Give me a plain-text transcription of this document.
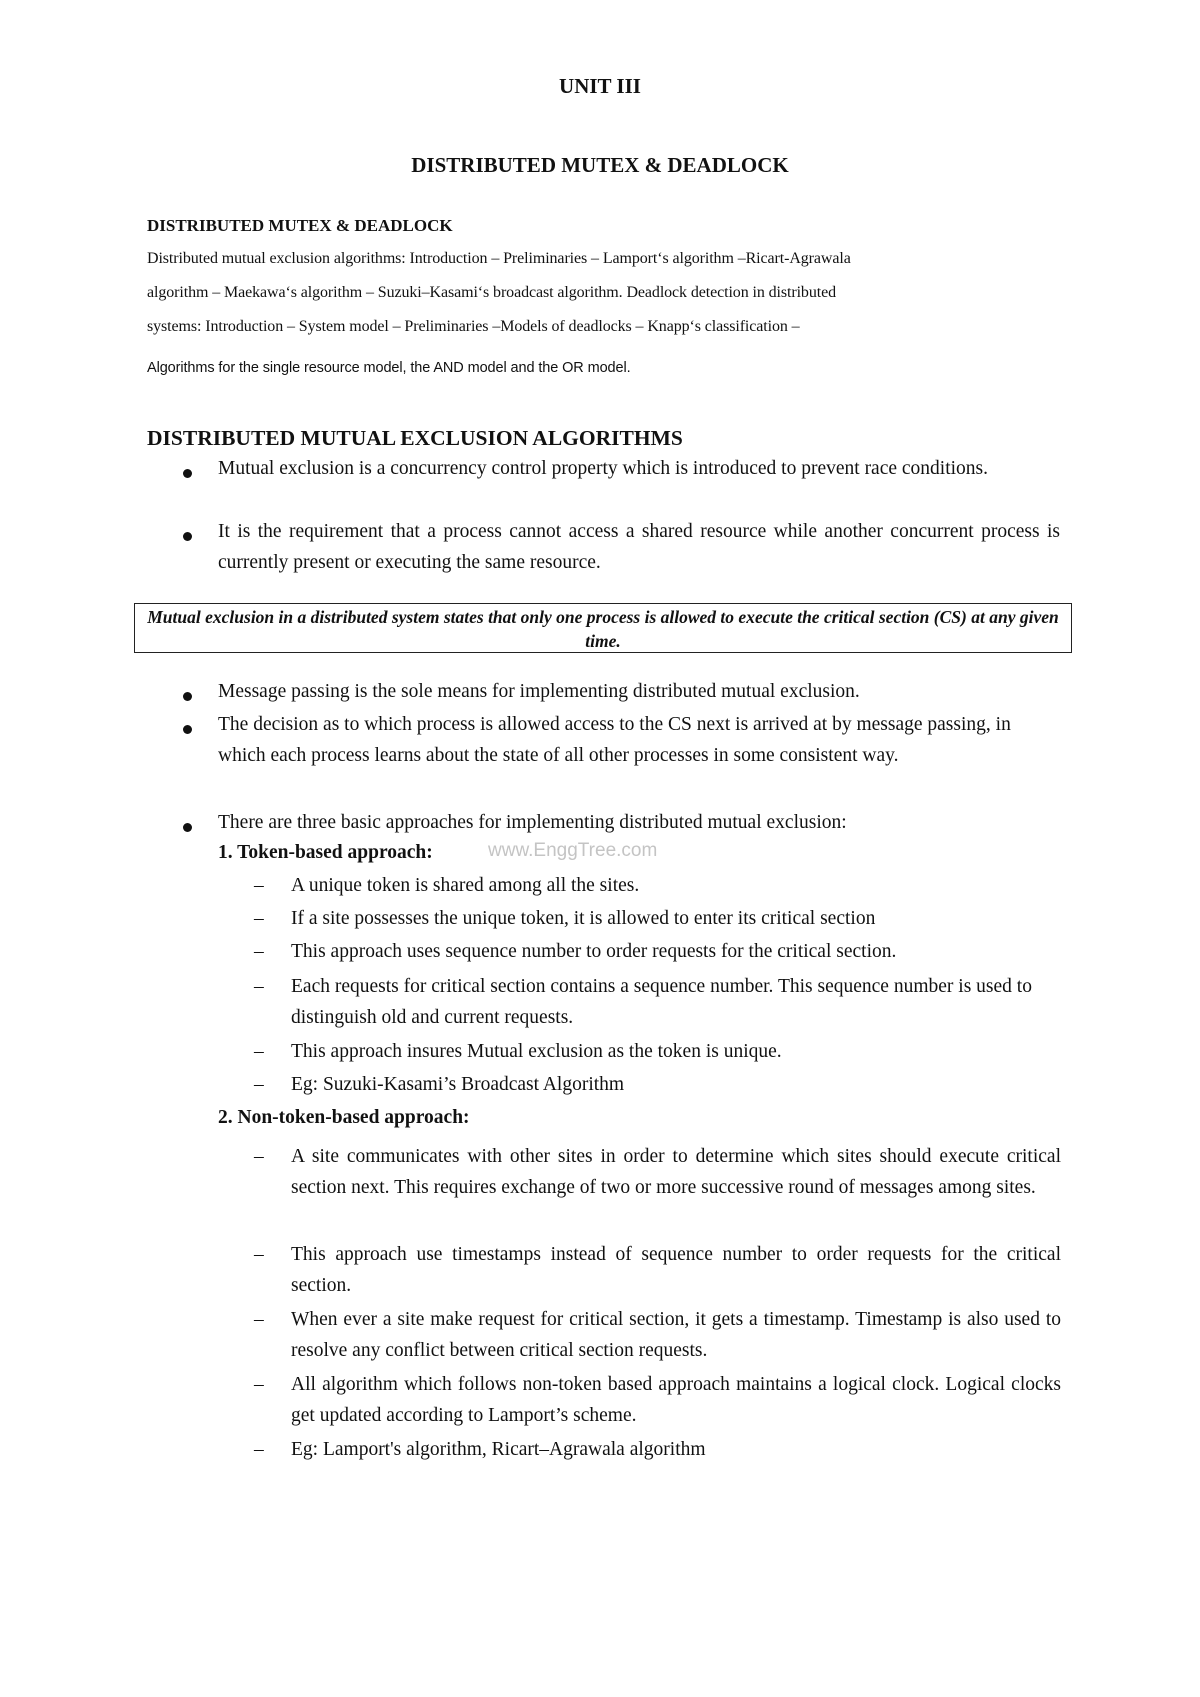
UNIT III
DISTRIBUTED MUTEX & DEADLOCK
DISTRIBUTED MUTEX & DEADLOCK
Distributed mutual exclusion algorithms: Introduction – Preliminaries – Lamport‘s algorithm –Ricart-Agrawala
algorithm – Maekawa‘s algorithm – Suzuki–Kasami‘s broadcast algorithm. Deadlock detection in distributed
systems: Introduction – System model – Preliminaries –Models of deadlocks – Knapp‘s classification –
Algorithms for the single resource model, the AND model and the OR model.
DISTRIBUTED MUTUAL EXCLUSION ALGORITHMS
Mutual exclusion is a concurrency control property which is introduced to prevent race conditions.
It is the requirement that a process cannot access a shared resource while another concurrent process is currently present or executing the same resource.
Mutual exclusion in a distributed system states that only one process is allowed to execute the critical section (CS) at any given time.
Message passing is the sole means for implementing distributed mutual exclusion.
The decision as to which process is allowed access to the CS next is arrived at by message passing, in which each process learns about the state of all other processes in some consistent way.
There are three basic approaches for implementing distributed mutual exclusion:
1. Token-based approach:	www.EnggTree.com
– A unique token is shared among all the sites.
– If a site possesses the unique token, it is allowed to enter its critical section
– This approach uses sequence number to order requests for the critical section.
– Each requests for critical section contains a sequence number. This sequence number is used to distinguish old and current requests.
– This approach insures Mutual exclusion as the token is unique.
– Eg: Suzuki-Kasami’s Broadcast Algorithm
2. Non-token-based approach:
– A site communicates with other sites in order to determine which sites should execute critical section next. This requires exchange of two or more successive round of messages among sites.
– This approach use timestamps instead of sequence number to order requests for the critical section.
– When ever a site make request for critical section, it gets a timestamp. Timestamp is also used to resolve any conflict between critical section requests.
– All algorithm which follows non-token based approach maintains a logical clock. Logical clocks get updated according to Lamport’s scheme.
– Eg: Lamport's algorithm, Ricart–Agrawala algorithm
